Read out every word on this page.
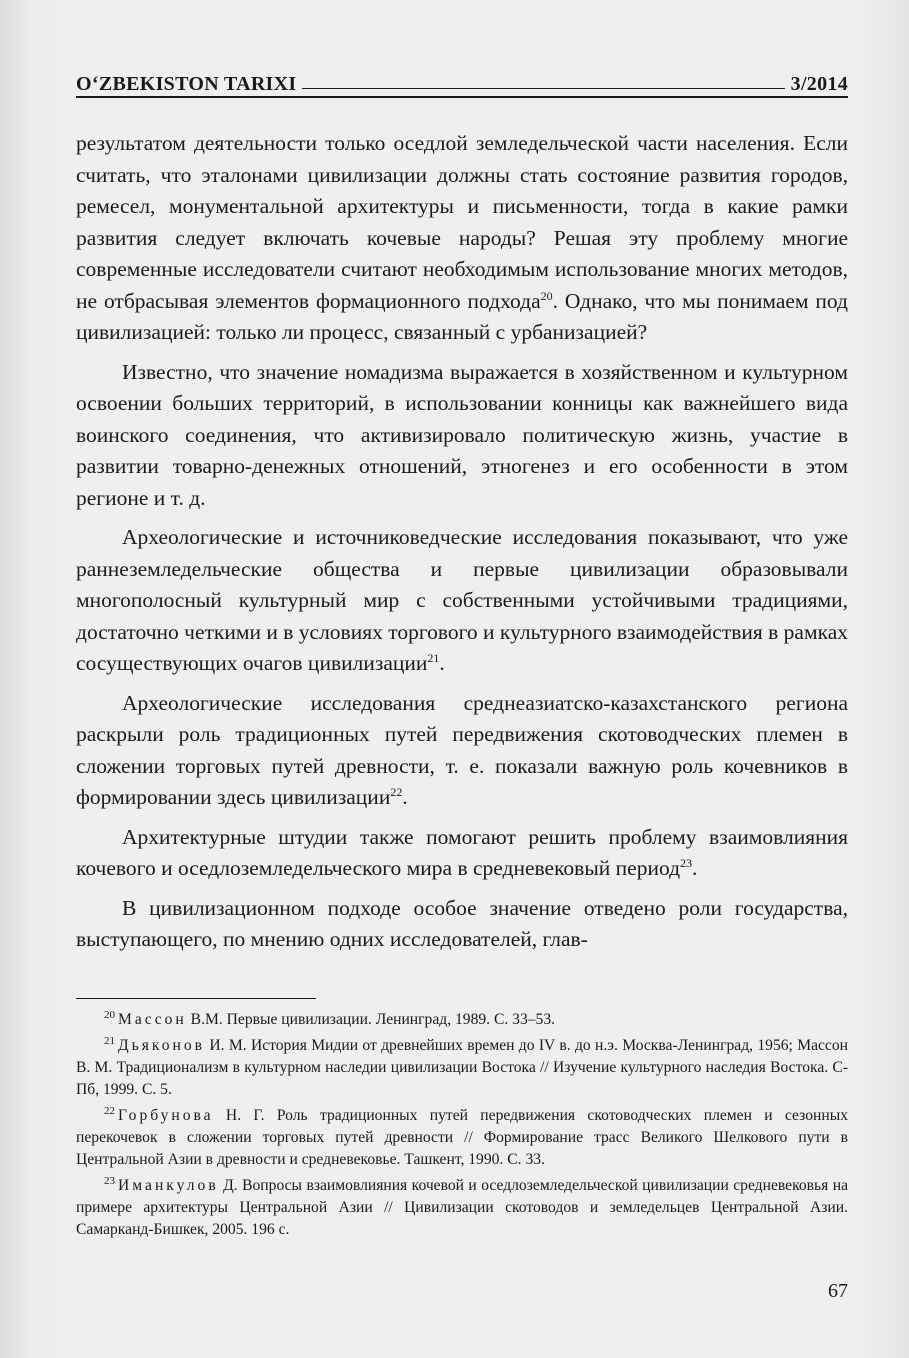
O‘ZBEKISTON TARIXI	3/2014

результатом деятельности только оседлой земледельческой части населения. Если считать, что эталонами цивилизации должны стать состояние развития городов, ремесел, монументальной архитектуры и письменности, тогда в какие рамки развития следует включать кочевые народы? Решая эту проблему многие современные исследователи считают необходимым использование многих методов, не отбрасывая элементов формационного подхода$^{20}$. Однако, что мы понимаем под цивилизацией: только ли процесс, связанный с урбанизацией?

Известно, что значение номадизма выражается в хозяйственном и культурном освоении больших территорий, в использовании конницы как важнейшего вида воинского соединения, что активизировало политическую жизнь, участие в развитии товарно-денежных отношений, этногенез и его особенности в этом регионе и т. д.

Археологические и источниковедческие исследования показывают, что уже раннеземледельческие общества и первые цивилизации образовывали многополосный культурный мир с собственными устойчивыми традициями, достаточно четкими и в условиях торгового и культурного взаимодействия в рамках сосуществующих очагов цивилизации$^{21}$.

Археологические исследования среднеазиатско-казахстанского региона раскрыли роль традиционных путей передвижения скотоводческих племен в сложении торговых путей древности, т. е. показали важную роль кочевников в формировании здесь цивилизации$^{22}$.

Архитектурные штудии также помогают решить проблему взаимовлияния кочевого и оседлоземледельческого мира в средневековый период$^{23}$.

В цивилизационном подходе особое значение отведено роли государства, выступающего, по мнению одних исследователей, глав-

$^{20}$ Массон В.М. Первые цивилизации. Ленинград, 1989. С. 33–53.

$^{21}$ Дьяконов И. М. История Мидии от древнейших времен до IV в. до н.э. Москва-Ленинград, 1956; Массон В. М. Традиционализм в культурном наследии цивилизации Востока // Изучение культурного наследия Востока. С-Пб, 1999. С. 5.

$^{22}$ Горбунова Н. Г. Роль традиционных путей передвижения скотоводческих племен и сезонных перекочевок в сложении торговых путей древности // Формирование трасс Великого Шелкового пути в Центральной Азии в древности и средневековье. Ташкент, 1990. С. 33.

$^{23}$ Иманкулов Д. Вопросы взаимовлияния кочевой и оседлоземледельческой цивилизации средневековья на примере архитектуры Центральной Азии // Цивилизации скотоводов и земледельцев Центральной Азии. Самарканд-Бишкек, 2005. 196 с.

67
